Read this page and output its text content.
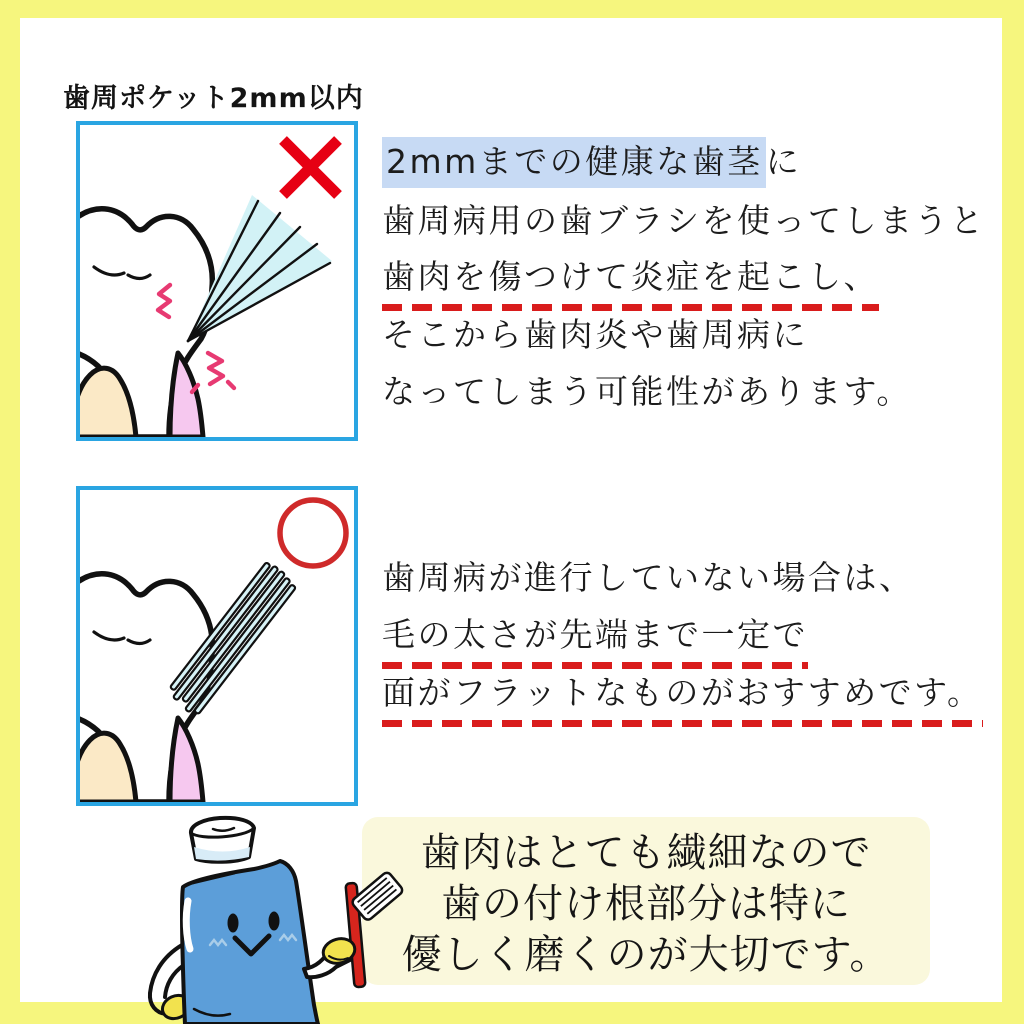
歯周ポケット2mm以内

2mmまでの健康な歯茎に

歯周病用の歯ブラシを使ってしまうと

歯肉を傷つけて炎症を起こし、

そこから歯肉炎や歯周病に

なってしまう可能性があります。

歯周病が進行していない場合は、

毛の太さが先端まで一定で

面がフラットなものがおすすめです。

歯肉はとても繊細なので

歯の付け根部分は特に

優しく磨くのが大切です。
